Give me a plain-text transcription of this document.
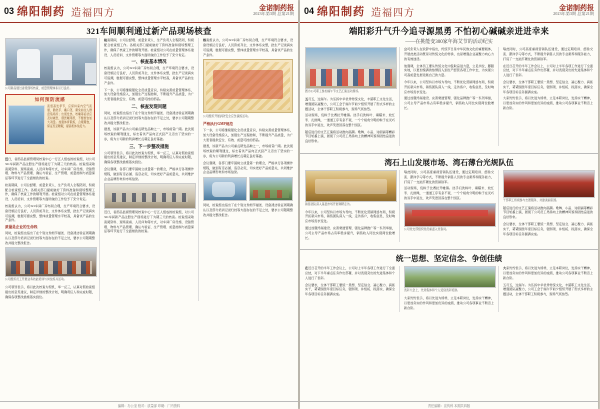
03 绵阳制药 造福四方	金诺制药报
2023年第3期 总第21期
321车间顺利通过新产品现场核查
公司新品通过省级现场核查，质量管理体系运行良好。
如何预防流感
流感高发季节，应保持室内空气流通，勤洗手、戴口罩，避免前往人群密集场所；出现发热、咳嗽等症状应及时就医，遵医嘱用药，不要擅自加大剂量。加强体育锻炼，合理膳食，保证充足睡眠，提高机体免疫力。

近日，省药品监督管理局核查中心一行五人组成的检查组，对公司321车间新产品注册生产现场进行了为期三天的核查。检查组采取查阅资料、现场查看、人员问询等方式，对车间厂房设施、设备管理、物料与产品管理、确认与验证、生产管理、质量控制与质量保证等环节进行了全面细致的检查。

检查期间，公司总经理、质量负责人、生产负责人全程陪同，积极配合检查组工作。各相关部门提前做好了资料准备和现场整理工作，确保了核查工作的顺利开展。检查组对公司在质量管理体系建设、人员培训、文件管理等方面所做的工作给予了充分肯定。

核查组认为，公司321车间厂房布局合理，生产环境符合要求，设备设施运行良好，人员资质齐全，文件体系完整，批生产记录真实可追溯，数据可靠完整，整体质量管理水平较高，具备该产品的生产条件。

质量是企业的生命线

同时，检查组也指出了在个别文件细节描述、设备清洁验证周期确认以及部分培训记录归档等方面存在的不足之处，要求公司限期整改并提交整改报告。

公司组织员工开展业务技能培训与岗位练兵活动。

公司领导表示，将以此次核查为契机，举一反三，认真对照检查组提出的意见建议，制定详细的整改计划，明确责任人和完成时限，确保各项整改措施落实到位。

检查期间，公司总经理、质量负责人、生产负责人全程陪同，积极配合检查组工作。各相关部门提前做好了资料准备和现场整理工作，确保了核查工作的顺利开展。检查组对公司在质量管理体系建设、人员培训、文件管理等方面所做的工作给予了充分肯定。

一、核查基本情况

核查组认为，公司321车间厂房布局合理，生产环境符合要求，设备设施运行良好，人员资质齐全，文件体系完整，批生产记录真实可追溯，数据可靠完整，整体质量管理水平较高，具备该产品的生产条件。

下一步，公司将继续强化全员质量意识，持续完善质量管理体系，加大设备设施投入，加强生产过程控制，不断提升产品质量，为广大患者提供安全、有效、质量可控的药品。

二、核查发现问题

同时，检查组也指出了在个别文件细节描述、设备清洁验证周期确认以及部分培训记录归档等方面存在的不足之处，要求公司限期整改并提交整改报告。

据悉，该新产品为公司重点研发品种之一，市场前景广阔。此次现场核查的顺利通过，标志着该产品向正式投产又迈出了坚实的一步，将为公司新的利润增长点奠定良好基础。

三、下一步整改措施

公司领导表示，将以此次核查为契机，举一反三，认真对照检查组提出的意见建议，制定详细的整改计划，明确责任人和完成时限，确保各项整改措施落实到位。

会议强调，各部门要牢固树立质量第一的理念，严格执行各项操作规程，做到有章必循、违章必究，切实把好产品质量关，共同维护企业品牌形象和市场信誉。

近日，省药品监督管理局核查中心一行五人组成的检查组，对公司321车间新产品注册生产现场进行了为期三天的核查。检查组采取查阅资料、现场查看、人员问询等方式，对车间厂房设施、设备管理、物料与产品管理、确认与验证、生产管理、质量控制与质量保证等环节进行了全面细致的检查。

核查组认为，公司321车间厂房布局合理，生产环境符合要求，设备设施运行良好，人员资质齐全，文件体系完整，批生产记录真实可追溯，数据可靠完整，整体质量管理水平较高，具备该产品的生产条件。

公司组织开展消防安全应急演练活动。
严格执行GMP规范

下一步，公司将继续强化全员质量意识，持续完善质量管理体系，加大设备设施投入，加强生产过程控制，不断提升产品质量，为广大患者提供安全、有效、质量可控的药品。

据悉，该新产品为公司重点研发品种之一，市场前景广阔。此次现场核查的顺利通过，标志着该产品向正式投产又迈出了坚实的一步，将为公司新的利润增长点奠定良好基础。

会议强调，各部门要牢固树立质量第一的理念，严格执行各项操作规程，做到有章必循、违章必究，切实把好产品质量关，共同维护企业品牌形象和市场信誉。

同时，检查组也指出了在个别文件细节描述、设备清洁验证周期确认以及部分培训记录归档等方面存在的不足之处，要求公司限期整改并提交整改报告。

编辑：办公室 校对：质量部 印刷：厂内资料
04 绵阳制药 造福四方	金诺制药报
2023年第3期 总第21期
端阳彩升气升今追寻源黑勇 不怕初心碱碱亲进进幸来
——在挑能变300家年海艾节的活动纪实
图为公司职工参加端午节文艺汇演活动现场。

五月五，过端午。为弘扬中华优秀传统文化，丰富职工文化生活，增强团队凝聚力，公司工会于端午节前夕组织开展了形式多样的主题活动，全体干部职工积极参与，现场气氛热烈。

活动现场，包粽子比赛拉开帷幕。选手们洗粽叶、填糯米、放红枣、扎细绳，一道道工序有条不紊，一个个棱角分明的粽子在灵巧的双手中诞生，欢声笑语回荡在整个园区。

随后进行的文艺汇演将活动推向高潮。歌舞、小品、诗朗诵等精彩节目轮番上演，展现了公司员工昂扬向上的精神风貌和团结奋进的良好形象。

公司负责人在致辞中指出，传统节日是中华民族文化的重要载体，开展此类活动既是对传统文化的传承，也是增强企业凝聚力向心力的有效途径。

他强调，全体员工要从传统文化中汲取奋进力量，立足岗位，脚踏实地，以更加饱满的热情投入到生产经营各项工作中去，为实现公司高质量发展贡献自己的力量。

今年以来，公司坚持以市场为导向，不断优化营销网络布局，积极开拓新兴市场，销售团队深入一线，走访客户，收集信息，及时响应市场需求变化。

通过加强终端建设、完善渠道管理、强化品牌推广等一系列举措，公司主导产品市场占有率稳步提升，销售收入同比实现两位数增长。

与此同时，公司高度重视营销队伍建设，通过定期培训、经验交流、跟岗学习等方式，不断提升销售人员的专业素养和服务能力，打造了一支能打硬仗的营销铁军。

在近日召开的半年工作会议上，公司对上半年各项工作进行了全面总结，对下半年重点任务作出部署，并对表现突出的先进集体和个人进行了表彰。

会议要求，全体干部职工要统一思想、坚定信念、凝心聚力、真抓实干，紧紧围绕年度目标任务，强弱项、补短板、抓落实，确保全年各项目标任务圆满完成。

大家纷纷表示，将以先进为榜样，立足本职岗位，发扬实干精神，以更加务实的作风和更加优异的成绩，推动公司各项事业不断迈上新台阶。

湾石上山发展市场、湾石薄台光规队伍
销售团队深入基层市场开展调研走访。

今年以来，公司坚持以市场为导向，不断优化营销网络布局，积极开拓新兴市场，销售团队深入一线，走访客户，收集信息，及时响应市场需求变化。

通过加强终端建设、完善渠道管理、强化品牌推广等一系列举措，公司主导产品市场占有率稳步提升，销售收入同比实现两位数增长。

与此同时，公司高度重视营销队伍建设，通过定期培训、经验交流、跟岗学习等方式，不断提升销售人员的专业素养和服务能力，打造了一支能打硬仗的营销铁军。

活动现场，包粽子比赛拉开帷幕。选手们洗粽叶、填糯米、放红枣、扎细绳，一道道工序有条不紊，一个个棱角分明的粽子在灵巧的双手中诞生，欢声笑语回荡在整个园区。

公司党支部组织党员重温入党誓词。
干部职工积极参与志愿服务，共建美丽家园。

随后进行的文艺汇演将活动推向高潮。歌舞、小品、诗朗诵等精彩节目轮番上演，展现了公司员工昂扬向上的精神风貌和团结奋进的良好形象。

会议要求，全体干部职工要统一思想、坚定信念、凝心聚力、真抓实干，紧紧围绕年度目标任务，强弱项、补短板、抓落实，确保全年各项目标任务圆满完成。

统一思想、坚定信念、争创佳绩

在近日召开的半年工作会议上，公司对上半年各项工作进行了全面总结，对下半年重点任务作出部署，并对表现突出的先进集体和个人进行了表彰。

会议要求，全体干部职工要统一思想、坚定信念、凝心聚力、真抓实干，紧紧围绕年度目标任务，强弱项、补短板、抓落实，确保全年各项目标任务圆满完成。

表彰大会上，先进集体和个人受到表彰奖励。

大家纷纷表示，将以先进为榜样，立足本职岗位，发扬实干精神，以更加务实的作风和更加优异的成绩，推动公司各项事业不断迈上新台阶。

大家纷纷表示，将以先进为榜样，立足本职岗位，发扬实干精神，以更加务实的作风和更加优异的成绩，推动公司各项事业不断迈上新台阶。

五月五，过端午。为弘扬中华优秀传统文化，丰富职工文化生活，增强团队凝聚力，公司工会于端午节前夕组织开展了形式多样的主题活动，全体干部职工积极参与，现场气氛热烈。

责任编辑：宣传科 本期共四版
